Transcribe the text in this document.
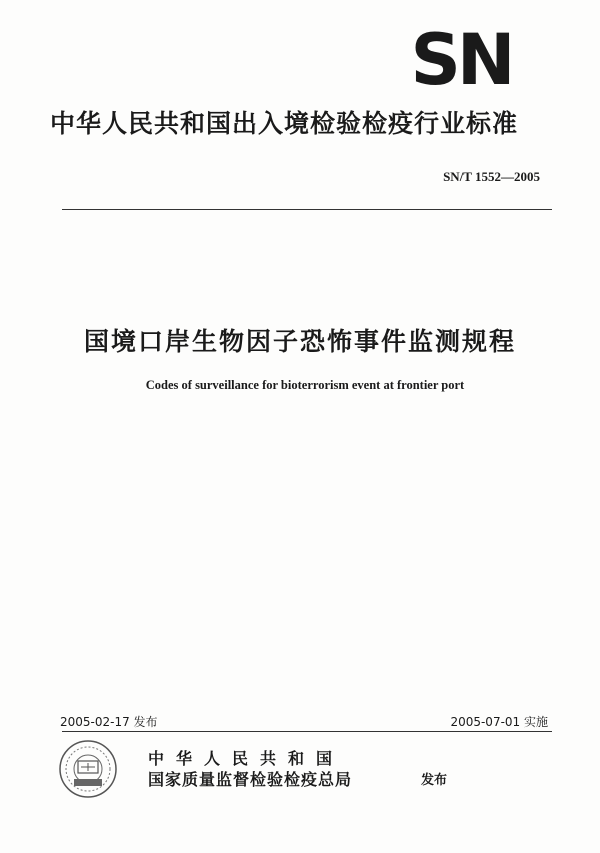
SN
中华人民共和国出入境检验检疫行业标准
SN/T 1552—2005
国境口岸生物因子恐怖事件监测规程
Codes of surveillance for bioterrorism event at frontier port
2005-02-17 发布	2005-07-01 实施
中华人民共和国
国家质量监督检验检疫总局	发布
